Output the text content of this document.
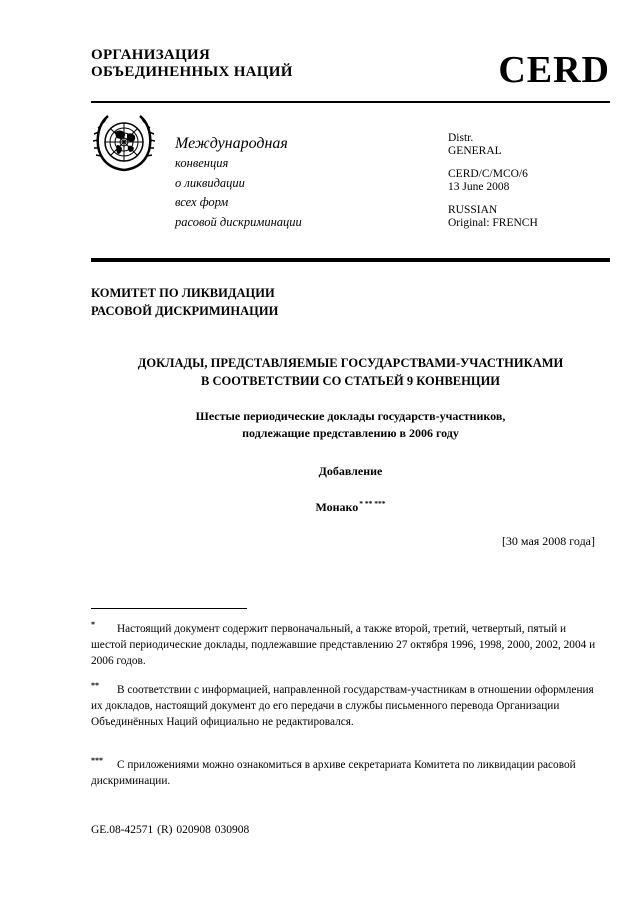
ОРГАНИЗАЦИЯ
ОБЪЕДИНЕННЫХ НАЦИЙ	CERD
Международная
конвенция
о ликвидации
всех форм
расовой дискриминации
Distr.
GENERAL
CERD/C/MCO/6
13 June 2008
RUSSIAN
Original: FRENCH
КОМИТЕТ ПО ЛИКВИДАЦИИ
РАСОВОЙ ДИСКРИМИНАЦИИ
ДОКЛАДЫ, ПРЕДСТАВЛЯЕМЫЕ ГОСУДАРСТВАМИ-УЧАСТНИКАМИ
В СООТВЕТСТВИИ СО СТАТЬЕЙ 9 КОНВЕНЦИИ
Шестые периодические доклады государств-участников,
подлежащие представлению в 2006 году
Добавление
Монако* ** ***
[30 мая 2008 года]
* Настоящий документ содержит первоначальный, а также второй, третий, четвертый, пятый и шестой периодические доклады, подлежавшие представлению 27 октября 1996, 1998, 2000, 2002, 2004 и 2006 годов.
** В соответствии с информацией, направленной государствам-участникам в отношении оформления их докладов, настоящий документ до его передачи в службы письменного перевода Организации Объединённых Наций официально не редактировался.
*** С приложениями можно ознакомиться в архиве секретариата Комитета по ликвидации расовой дискриминации.
GE.08-42571 (R) 020908 030908
